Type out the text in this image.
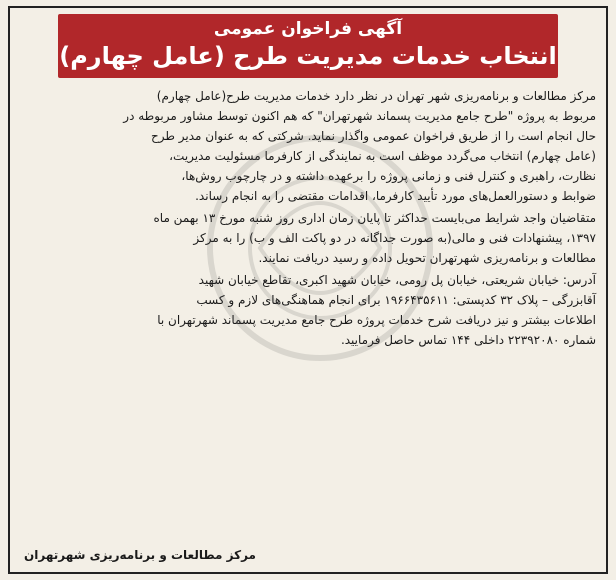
آگهی فراخوان عمومی
انتخاب خدمات مدیریت طرح (عامل چهارم)
مرکز مطالعات و برنامه‌ریزی شهر تهران در نظر دارد خدمات مدیریت طرح(عامل چهارم)
مربوط به پروژه "طرح جامع مدیریت پسماند شهرتهران" که هم اکنون توسط مشاور مربوطه در
حال انجام است را از طریق فراخوان عمومی واگذار نماید. شرکتی که به عنوان مدیر طرح
(عامل چهارم) انتخاب می‌گردد موظف است به نمایندگی از کارفرما مسئولیت مدیریت،
نظارت، راهبری و کنترل فنی و زمانی پروژه را برعهده داشته و در چارچوب روش‌ها،
ضوابط و دستورالعمل‌های مورد تأیید کارفرما، اقدامات مقتضی را به انجام رساند.
متقاضیان واجد شرایط می‌بایست حداکثر تا پایان زمان اداری روز شنبه مورخ ۱۳ بهمن ماه
۱۳۹۷، پیشنهادات فنی و مالی(به صورت جداگانه در دو پاکت الف و ب) را به مرکز
مطالعات و برنامه‌ریزی شهرتهران تحویل داده و رسید دریافت نمایند.
آدرس: خیابان شریعتی، خیابان پل رومی، خیابان شهید اکبری، تقاطع خیابان شهید
آقابزرگی – پلاک ۳۲ کدپستی: ۱۹۶۶۴۳۵۶۱۱ برای انجام هماهنگی‌های لازم و کسب
اطلاعات بیشتر و نیز دریافت شرح خدمات پروژه طرح جامع مدیریت پسماند شهرتهران با
شماره ۲۲۳۹۲۰۸۰ داخلی ۱۴۴ تماس حاصل فرمایید.
مرکز مطالعات و برنامه‌ریزی شهرتهران
